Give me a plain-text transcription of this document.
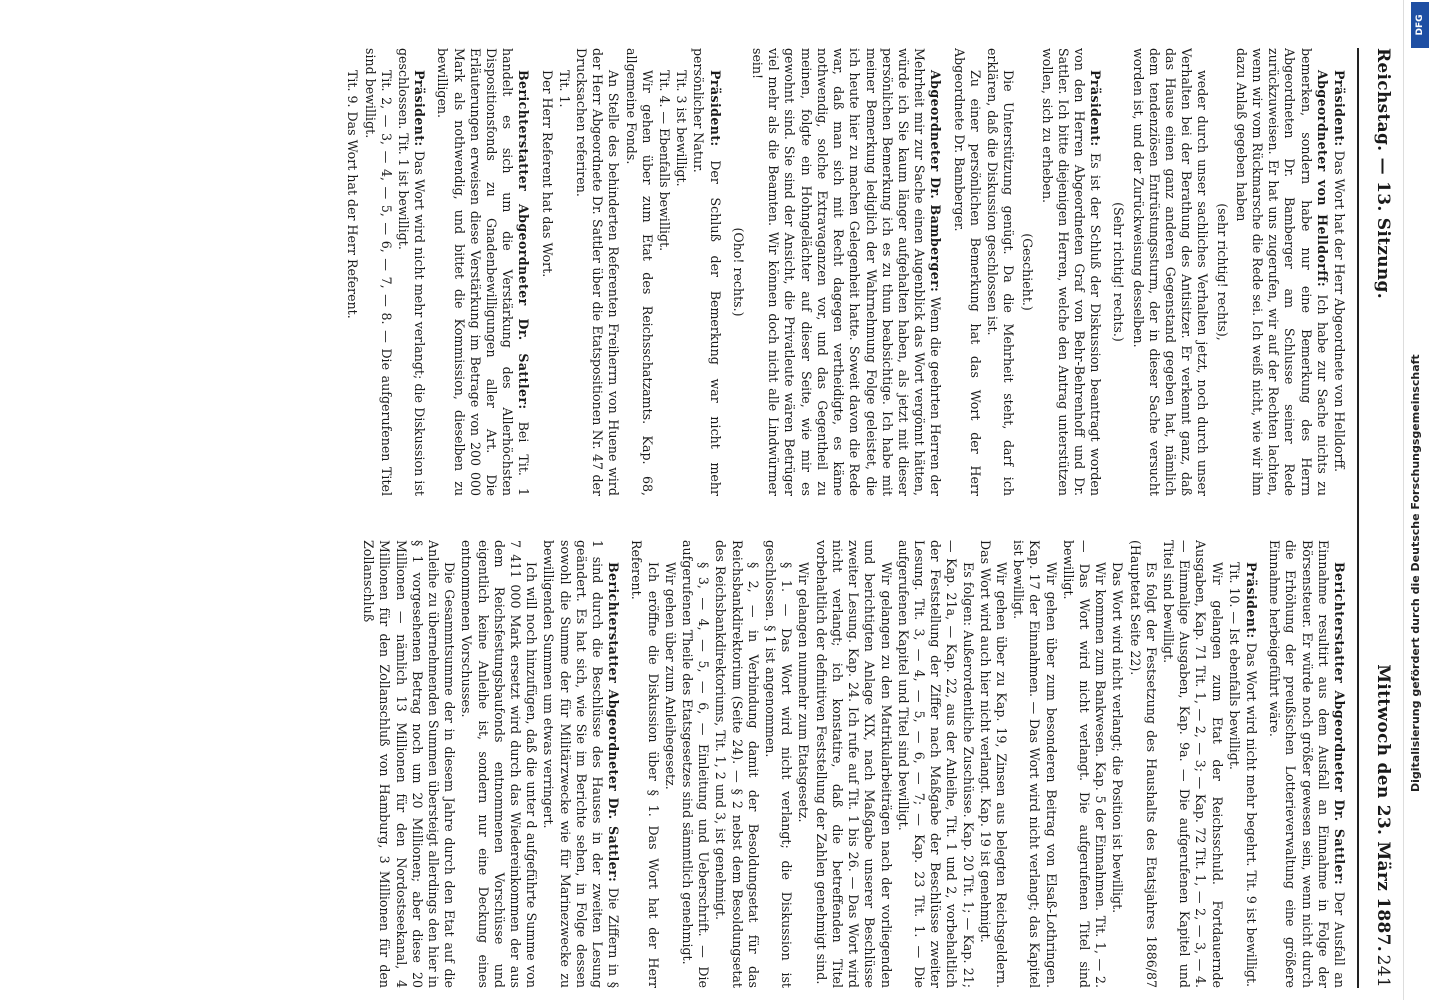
Reichstag. — 13. Sitzung.
Mittwoch den 23. März 1887.
241

Präsident: Das Wort hat der Herr Abgeordnete von Helldorff.

Abgeordneter von Helldorff: Ich habe zur Sache nichts zu bemerken, sondern habe nur eine Bemerkung des Herrn Abgeordneten Dr. Bamberger am Schlusse seiner Rede zurückzuweisen. Er hat uns zugerufen, wir auf der Rechten lachten, wenn wir vom Rückmarsche die Rede sei. Ich weiß nicht, wie wir ihm dazu Anlaß gegeben haben

(sehr richtig! rechts),

weder durch unser sachliches Verhalten jetzt, noch durch unser Verhalten bei der Berathung des Antisitzer. Er verkennt ganz, daß das Hause einen ganz anderen Gegenstand gegeben hat, nämlich dem tendenziösen Entrüstungssturm, der in dieser Sache versucht worden ist, und der Zurückweisung desselben.

(Sehr richtig! rechts.)

Präsident: Es ist der Schluß der Diskussion beantragt worden von den Herren Abgeordneten Graf von Behr-Behrenhoff und Dr. Sattler. Ich bitte diejenigen Herren, welche den Antrag unterstützen wollen, sich zu erheben.

(Geschieht.)

Die Unterstützung genügt. Da die Mehrheit steht, darf ich erklären, daß die Diskussion geschlossen ist.

Zu einer persönlichen Bemerkung hat das Wort der Herr Abgeordnete Dr. Bamberger.

Abgeordneter Dr. Bamberger: Wenn die geehrten Herren der Mehrheit mir zur Sache einen Augenblick das Wort vergönnt hätten, würde ich Sie kaum länger aufgehalten haben, als jetzt mit dieser persönlichen Bemerkung ich es zu thun beabsichtige. Ich habe mit meiner Bemerkung lediglich der Wahrnehmung Folge geleistet, die ich heute hier zu machen Gelegenheit hatte. Soweit davon die Rede war, daß man sich mit Recht dagegen vertheidigte, es käme nothwendig, solche Extravaganzen vor, und das Gegentheil zu meinen, folgte ein Hohngelächter auf dieser Seite, wie mir es gewohnt sind. Sie sind der Ansicht, die Privatleute wären Betrüger viel mehr als die Beamten. Wir können doch nicht alle Lindwürmer sein!

(Oho! rechts.)

Präsident: Der Schluß der Bemerkung war nicht mehr persönlicher Natur.

Tit. 3 ist bewilligt.

Tit. 4. — Ebenfalls bewilligt.

Wir gehen über zum Etat des Reichsschatzamts. Kap. 68, allgemeine Fonds.

An Stelle des behinderten Referenten Freiherrn von Huene wird der Herr Abgeordnete Dr. Sattler über die Etatspositionen Nr. 47 der Drucksachen referiren.

Tit. 1.

Der Herr Referent hat das Wort.

Berichterstatter Abgeordneter Dr. Sattler: Bei Tit. 1 handelt es sich um die Verstärkung des Allerhöchsten Dispositionsfonds zu Gnadenbewilligungen aller Art. Die Erläuterungen erweisen diese Verstärkung im Betrage von 200 000 Mark als nothwendig, und bittet die Kommission, dieselben zu bewilligen.

Präsident: Das Wort wird nicht mehr verlangt; die Diskussion ist geschlossen. Tit. 1 ist bewilligt.

Tit. 2, — 3, — 4, — 5, — 6, — 7, — 8. — Die aufgerufenen Titel sind bewilligt.

Tit. 9. Das Wort hat der Herr Referent.

Berichterstatter Abgeordneter Dr. Sattler: Der Ausfall an Einnahme resultirt aus dem Ausfall an Einnahme in Folge der Börsensteuer. Er würde noch größer gewesen sein, wenn nicht durch die Erhöhung der preußischen Lotterieverwaltung eine größere Einnahme herbeigeführt wäre.

Präsident: Das Wort wird nicht mehr begehrt. Tit. 9 ist bewilligt.

Tit. 10. — Ist ebenfalls bewilligt.

Wir gelangen zum Etat der Reichsschuld. Fortdauernde Ausgaben, Kap. 71 Tit. 1, — 2, — 3; — Kap. 72 Tit. 1, — 2, — 3, — 4. — Einmalige Ausgaben, Kap. 9a. — Die aufgerufenen Kapitel und Titel sind bewilligt.

Es folgt der Festsetzung des Haushalts des Etatsjahres 1886/87 (Hauptetat Seite 22).

Das Wort wird nicht verlangt; die Position ist bewilligt.

Wir kommen zum Bankwesen. Kap. 5 der Einnahmen. Tit. 1, — 2. — Das Wort wird nicht verlangt. Die aufgerufenen Titel sind bewilligt.

Wir gehen über zum besonderen Beitrag von Elsaß-Lothringen. Kap. 17 der Einnahmen. — Das Wort wird nicht verlangt; das Kapitel ist bewilligt.

Wir gehen über zu Kap. 19, Zinsen aus belegten Reichsgeldern. Das Wort wird auch hier nicht verlangt. Kap. 19 ist genehmigt.

Es folgen: Außerordentliche Zuschüsse. Kap. 20 Tit. 1; — Kap. 21; — Kap. 21a, — Kap. 22, aus der Anleihe, Tit. 1 und 2, vorbehaltlich der Feststellung der Ziffer nach Maßgabe der Beschlüsse zweiter Lesung. Tit. 3, — 4, — 5, — 6, — 7; — Kap. 23 Tit. 1. — Die aufgerufenen Kapitel und Titel sind bewilligt.

Wir gelangen zu den Matrikularbeiträgen nach der vorliegenden und berichtigten Anlage XIX, nach Maßgabe unserer Beschlüsse zweiter Lesung. Kap. 24. Ich rufe auf Tit. 1 bis 26. — Das Wort wird nicht verlangt; ich konstatire, daß die betreffenden Titel vorbehaltlich der definitiven Feststellung der Zahlen genehmigt sind.

Wir gelangen nunmehr zum Etatsgesetz.

§ 1. — Das Wort wird nicht verlangt; die Diskussion ist geschlossen. § 1 ist angenommen.

§ 2, — in Verbindung damit der Besoldungsetat für das Reichsbankdirektorium (Seite 24). — § 2 nebst dem Besoldungsetat des Reichsbankdirektoriums, Tit. 1, 2 und 3, ist genehmigt.

§ 3, — 4, — 5, — 6, — Einleitung und Ueberschrift. — Die aufgerufenen Theile des Etatsgesetzes sind sämmtlich genehmigt.

Wir gehen über zum Anleihegesetz.

Ich eröffne die Diskussion über § 1. Das Wort hat der Herr Referent.

Berichterstatter Abgeordneter Dr. Sattler: Die Ziffern in § 1 sind durch die Beschlüsse des Hauses in der zweiten Lesung geändert. Es hat sich, wie Sie im Berichte sehen, in Folge dessen sowohl die Summe der für Militärzwecke wie für Marinezwecke zu bewilligenden Summen um etwas verringert.

Ich will noch hinzufügen, daß die unter d aufgeführte Summe von 7 411 000 Mark ersetzt wird durch das Wiedereinkommen der aus dem Reichsfestungsbaufonds entnommenen Vorschüsse und eigentlich keine Anleihe ist, sondern nur eine Deckung eines entnommenen Vorschusses.

Die Gesammtsumme der in diesem Jahre durch den Etat auf die Anleihe zu übernehmenden Summen übersteigt allerdings den hier in § 1 vorgesehenen Betrag noch um 20 Millionen; aber diese 20 Millionen — nämlich 13 Millionen für den Nordostseekanal, 4 Millionen für den Zollanschluß von Hamburg, 3 Millionen für den Zollanschluß	Digitalisierung gefördert durch die Deutsche Forschungsgemeinschaft
DFG
